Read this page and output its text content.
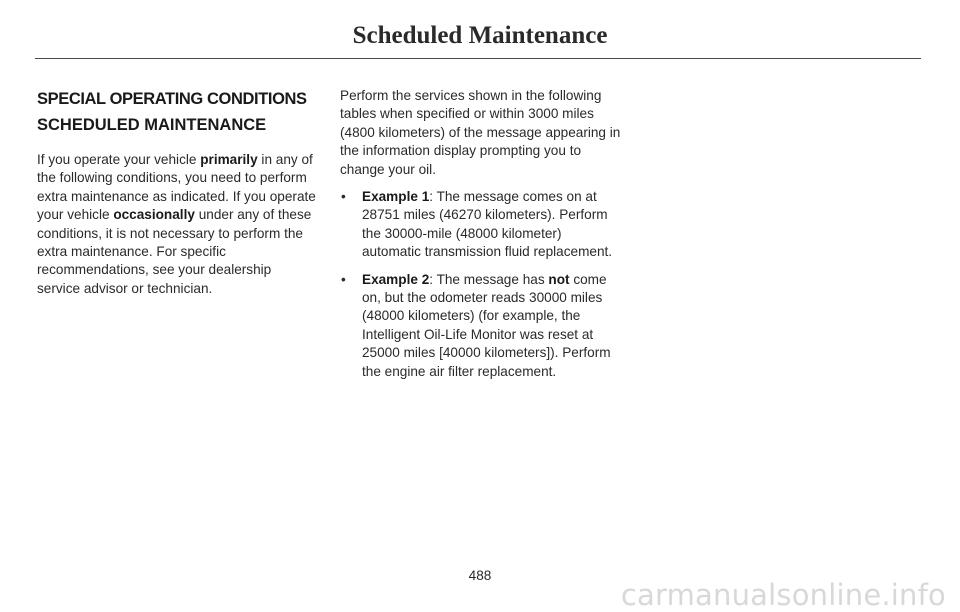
Scheduled Maintenance
SPECIAL OPERATING CONDITIONS
SCHEDULED MAINTENANCE

If you operate your vehicle primarily in any of the following conditions, you need to perform extra maintenance as indicated. If you operate your vehicle occasionally under any of these conditions, it is not necessary to perform the extra maintenance. For specific recommendations, see your dealership service advisor or technician.

Perform the services shown in the following tables when specified or within 3000 miles (4800 kilometers) of the message appearing in the information display prompting you to change your oil.

• Example 1: The message comes on at 28751 miles (46270 kilometers). Perform the 30000-mile (48000 kilometer) automatic transmission fluid replacement.
• Example 2: The message has not come on, but the odometer reads 30000 miles (48000 kilometers) (for example, the Intelligent Oil-Life Monitor was reset at 25000 miles [40000 kilometers]). Perform the engine air filter replacement.
488
carmanualsonline.info
